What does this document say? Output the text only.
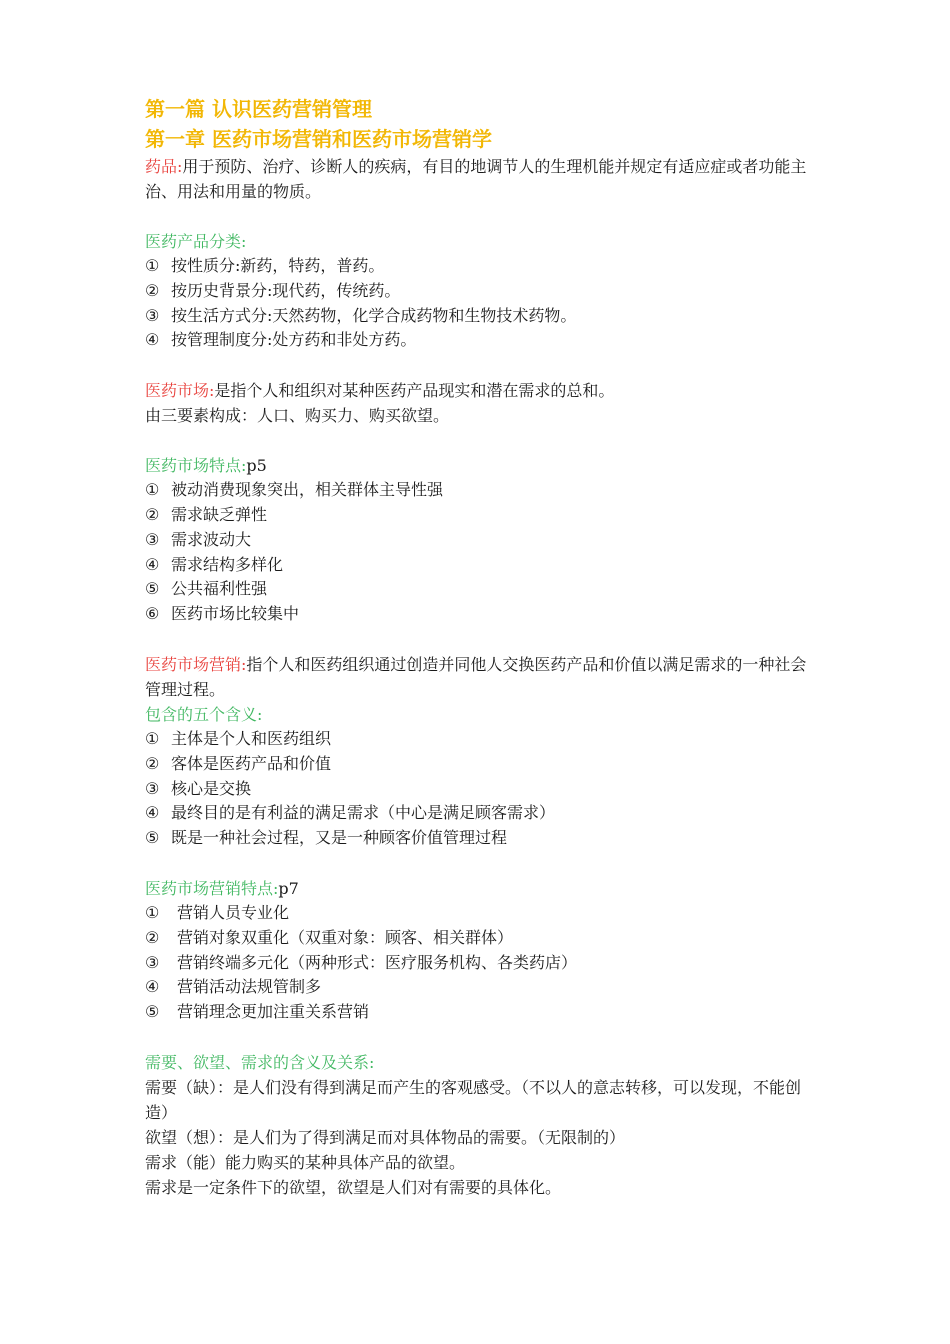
第一篇 认识医药营销管理

第一章 医药市场营销和医药市场营销学

药品:用于预防、治疗、诊断人的疾病，有目的地调节人的生理机能并规定有适应症或者功能主治、用法和用量的物质。

医药产品分类:

① 按性质分:新药，特药，普药。
② 按历史背景分:现代药，传统药。
③ 按生活方式分:天然药物，化学合成药物和生物技术药物。
④ 按管理制度分:处方药和非处方药。

医药市场:是指个人和组织对某种医药产品现实和潜在需求的总和。

由三要素构成：人口、购买力、购买欲望。

医药市场特点:p5

① 被动消费现象突出，相关群体主导性强
② 需求缺乏弹性
③ 需求波动大
④ 需求结构多样化
⑤ 公共福利性强
⑥ 医药市场比较集中

医药市场营销:指个人和医药组织通过创造并同他人交换医药产品和价值以满足需求的一种社会管理过程。

包含的五个含义:

① 主体是个人和医药组织
② 客体是医药产品和价值
③ 核心是交换
④ 最终目的是有利益的满足需求（中心是满足顾客需求）
⑤ 既是一种社会过程，又是一种顾客价值管理过程

医药市场营销特点:p7

① 营销人员专业化
② 营销对象双重化（双重对象：顾客、相关群体）
③ 营销终端多元化（两种形式：医疗服务机构、各类药店）
④ 营销活动法规管制多
⑤ 营销理念更加注重关系营销

需要、欲望、需求的含义及关系:

需要（缺）：是人们没有得到满足而产生的客观感受。（不以人的意志转移，可以发现，不能创造）

欲望（想）：是人们为了得到满足而对具体物品的需要。（无限制的）

需求（能）能力购买的某种具体产品的欲望。

需求是一定条件下的欲望，欲望是人们对有需要的具体化。
